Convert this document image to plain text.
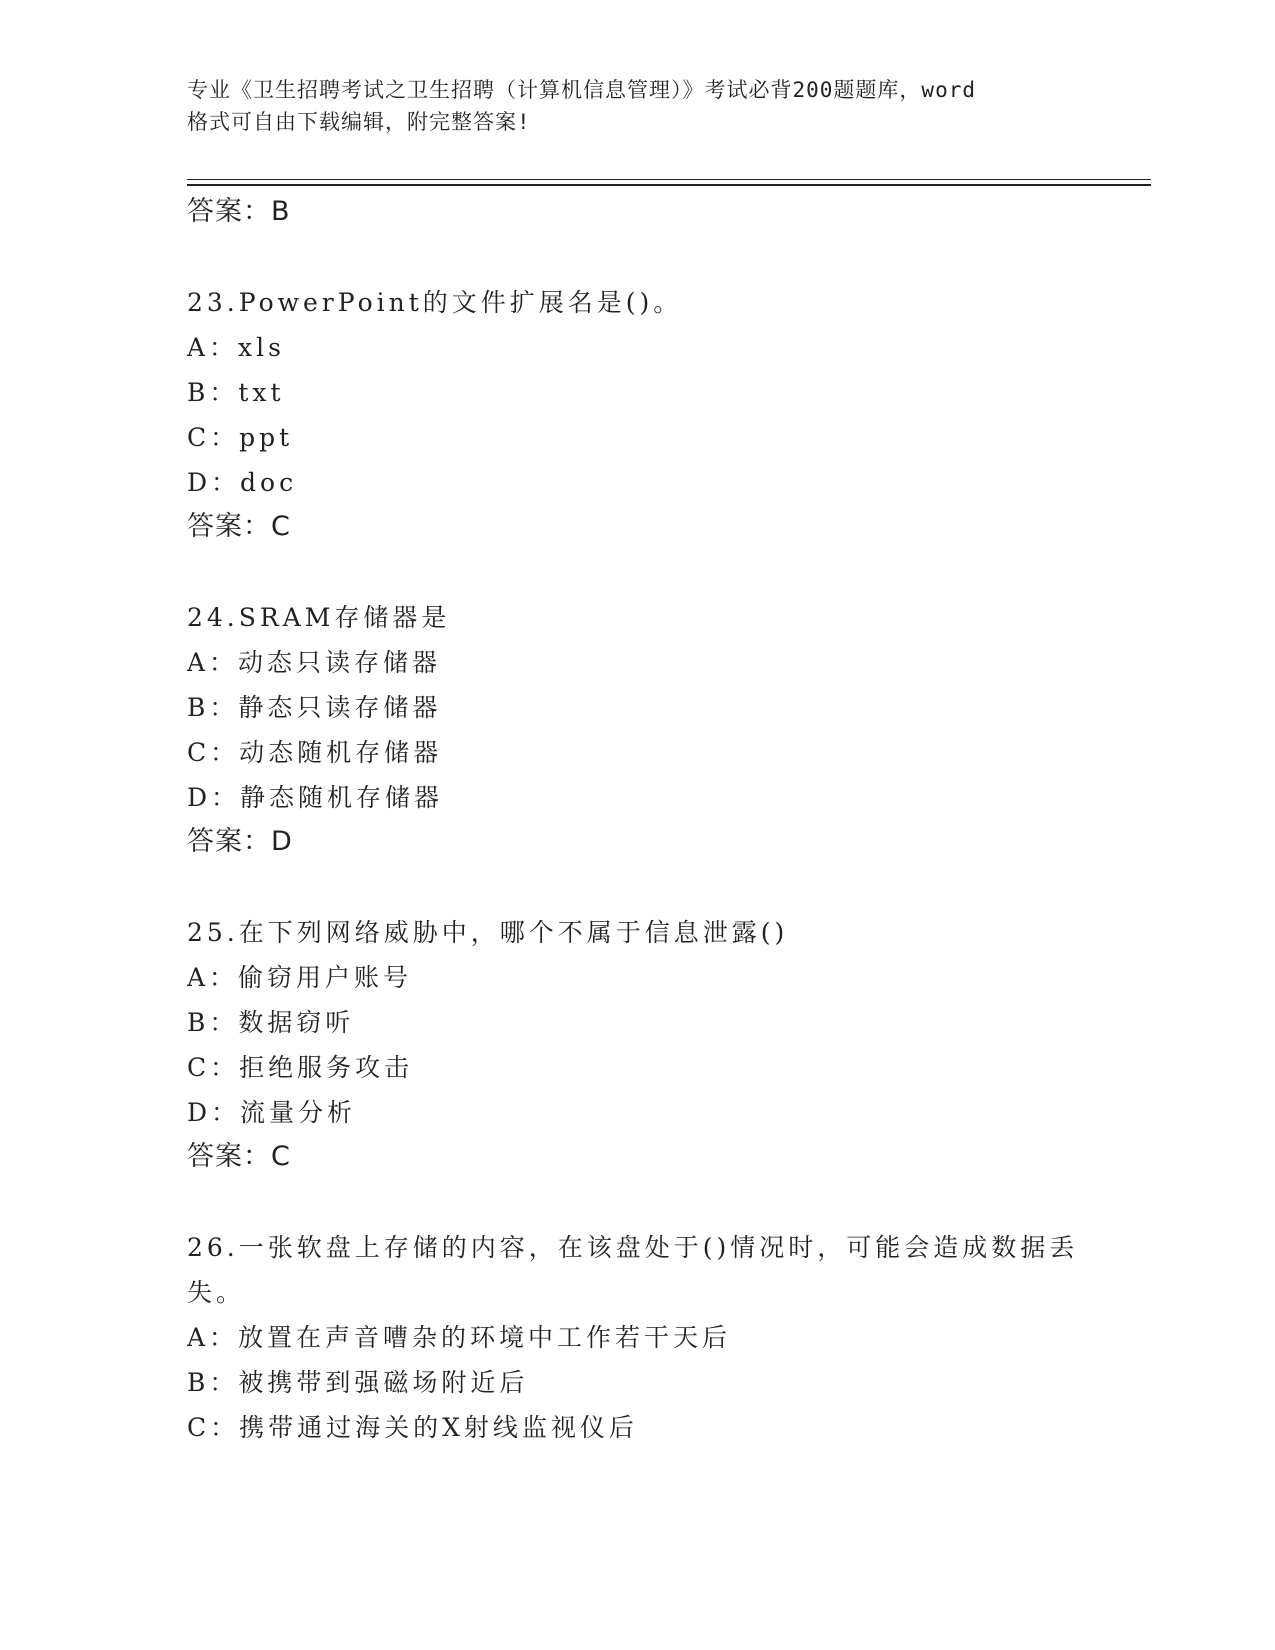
专业《卫生招聘考试之卫生招聘（计算机信息管理）》考试必背200题题库，word
格式可自由下载编辑，附完整答案!
答案：B
23.PowerPoint的文件扩展名是()。
A：xls
B：txt
C：ppt
D：doc
答案：C
24.SRAM存储器是
A：动态只读存储器
B：静态只读存储器
C：动态随机存储器
D：静态随机存储器
答案：D
25.在下列网络威胁中，哪个不属于信息泄露()
A：偷窃用户账号
B：数据窃听
C：拒绝服务攻击
D：流量分析
答案：C
26.一张软盘上存储的内容，在该盘处于()情况时，可能会造成数据丢
失。
A：放置在声音嘈杂的环境中工作若干天后
B：被携带到强磁场附近后
C：携带通过海关的X射线监视仪后
